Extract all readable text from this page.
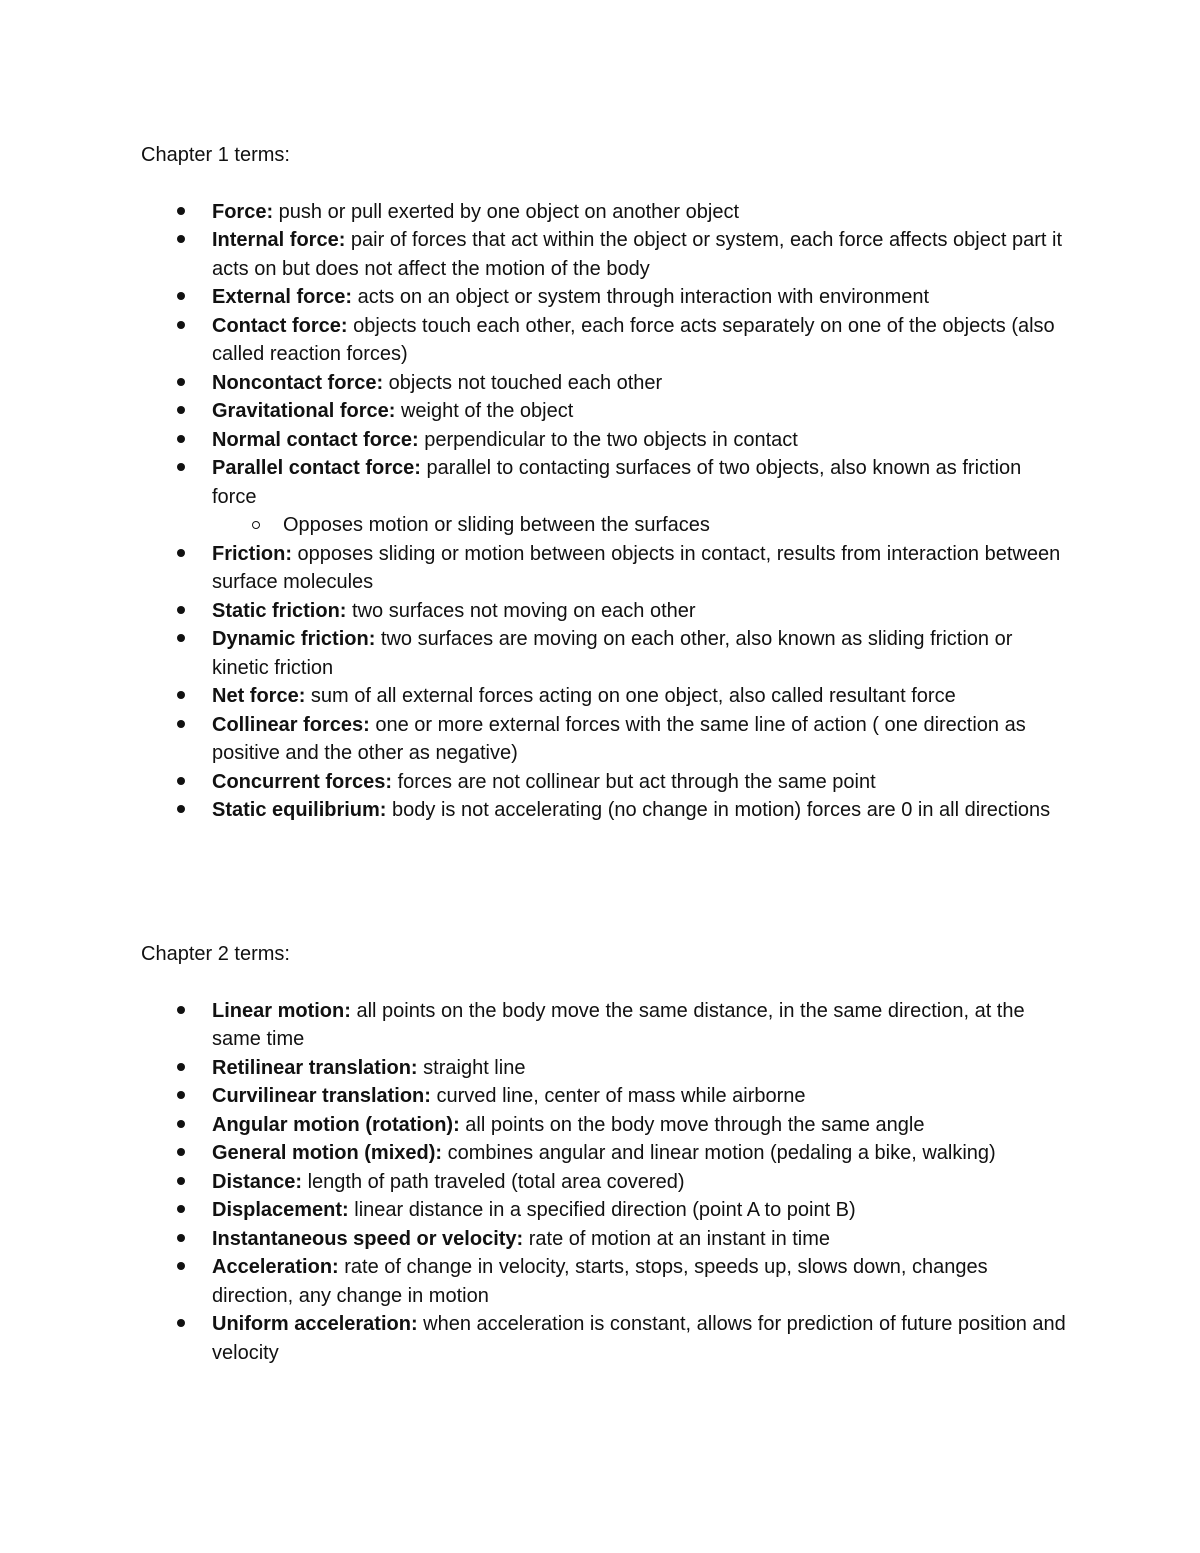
Chapter 1 terms:
Force: push or pull exerted by one object on another object
Internal force: pair of forces that act within the object or system, each force affects object part it acts on but does not affect the motion of the body
External force: acts on an object or system through interaction with environment
Contact force: objects touch each other, each force acts separately on one of the objects (also called reaction forces)
Noncontact force: objects not touched each other
Gravitational force: weight of the object
Normal contact force: perpendicular to the two objects in contact
Parallel contact force: parallel to contacting surfaces of two objects, also known as friction force
Opposes motion or sliding between the surfaces
Friction: opposes sliding or motion between objects in contact, results from interaction between surface molecules
Static friction: two surfaces not moving on each other
Dynamic friction: two surfaces are moving on each other, also known as sliding friction or kinetic friction
Net force: sum of all external forces acting on one object, also called resultant force
Collinear forces: one or more external forces with the same line of action ( one direction as positive and the other as negative)
Concurrent forces: forces are not collinear but act through the same point
Static equilibrium: body is not accelerating (no change in motion) forces are 0 in all directions
Chapter 2 terms:
Linear motion: all points on the body move the same distance, in the same direction, at the same time
Retilinear translation: straight line
Curvilinear translation: curved line, center of mass while airborne
Angular motion (rotation): all points on the body move through the same angle
General motion (mixed): combines angular and linear motion (pedaling a bike, walking)
Distance: length of path traveled (total area covered)
Displacement: linear distance in a specified direction (point A to point B)
Instantaneous speed or velocity: rate of motion at an instant in time
Acceleration: rate of change in velocity, starts, stops, speeds up, slows down, changes direction, any change in motion
Uniform acceleration: when acceleration is constant, allows for prediction of future position and velocity
